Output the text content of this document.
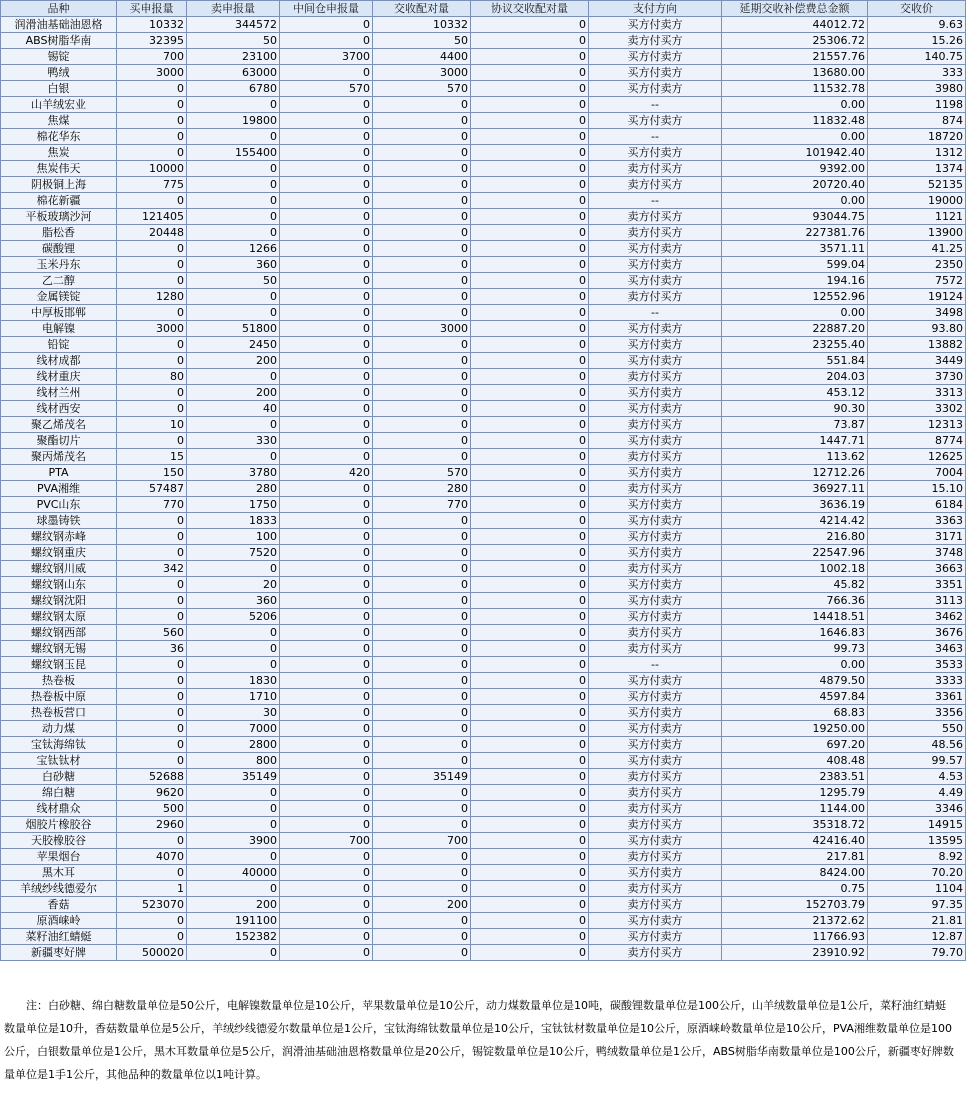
品种	买申报量	卖申报量	中间仓申报量	交收配对量	协议交收配对量	支付方向	延期交收补偿费总金额	交收价
润滑油基础油恩格	10332	344572	0	10332	0	买方付卖方	44012.72	9.63
ABS树脂华南	32395	50	0	50	0	卖方付买方	25306.72	15.26
锡锭	700	23100	3700	4400	0	买方付卖方	21557.76	140.75
鸭绒	3000	63000	0	3000	0	买方付卖方	13680.00	333
白银	0	6780	570	570	0	买方付卖方	11532.78	3980
山羊绒宏业	0	0	0	0	0	--	0.00	1198
焦煤	0	19800	0	0	0	买方付卖方	11832.48	874
棉花华东	0	0	0	0	0	--	0.00	18720
焦炭	0	155400	0	0	0	买方付卖方	101942.40	1312
焦炭伟天	10000	0	0	0	0	卖方付买方	9392.00	1374
阴极铜上海	775	0	0	0	0	卖方付买方	20720.40	52135
棉花新疆	0	0	0	0	0	--	0.00	19000
平板玻璃沙河	121405	0	0	0	0	卖方付买方	93044.75	1121
脂松香	20448	0	0	0	0	卖方付买方	227381.76	13900
碳酸锂	0	1266	0	0	0	买方付卖方	3571.11	41.25
玉米丹东	0	360	0	0	0	买方付卖方	599.04	2350
乙二醇	0	50	0	0	0	买方付卖方	194.16	7572
金属镁锭	1280	0	0	0	0	卖方付买方	12552.96	19124
中厚板邯郸	0	0	0	0	0	--	0.00	3498
电解镍	3000	51800	0	3000	0	买方付卖方	22887.20	93.80
铅锭	0	2450	0	0	0	买方付卖方	23255.40	13882
线材成都	0	200	0	0	0	买方付卖方	551.84	3449
线材重庆	80	0	0	0	0	卖方付买方	204.03	3730
线材兰州	0	200	0	0	0	买方付卖方	453.12	3313
线材西安	0	40	0	0	0	买方付卖方	90.30	3302
聚乙烯茂名	10	0	0	0	0	卖方付买方	73.87	12313
聚酯切片	0	330	0	0	0	买方付卖方	1447.71	8774
聚丙烯茂名	15	0	0	0	0	卖方付买方	113.62	12625
PTA	150	3780	420	570	0	买方付卖方	12712.26	7004
PVA湘维	57487	280	0	280	0	卖方付买方	36927.11	15.10
PVC山东	770	1750	0	770	0	买方付卖方	3636.19	6184
球墨铸铁	0	1833	0	0	0	买方付卖方	4214.42	3363
螺纹钢赤峰	0	100	0	0	0	买方付卖方	216.80	3171
螺纹钢重庆	0	7520	0	0	0	买方付卖方	22547.96	3748
螺纹钢川威	342	0	0	0	0	卖方付买方	1002.18	3663
螺纹钢山东	0	20	0	0	0	买方付卖方	45.82	3351
螺纹钢沈阳	0	360	0	0	0	买方付卖方	766.36	3113
螺纹钢太原	0	5206	0	0	0	买方付卖方	14418.51	3462
螺纹钢西部	560	0	0	0	0	卖方付买方	1646.83	3676
螺纹钢无锡	36	0	0	0	0	卖方付买方	99.73	3463
螺纹钢玉昆	0	0	0	0	0	--	0.00	3533
热卷板	0	1830	0	0	0	买方付卖方	4879.50	3333
热卷板中原	0	1710	0	0	0	买方付卖方	4597.84	3361
热卷板营口	0	30	0	0	0	买方付卖方	68.83	3356
动力煤	0	7000	0	0	0	买方付卖方	19250.00	550
宝钛海绵钛	0	2800	0	0	0	买方付卖方	697.20	48.56
宝钛钛材	0	800	0	0	0	买方付卖方	408.48	99.57
白砂糖	52688	35149	0	35149	0	卖方付买方	2383.51	4.53
绵白糖	9620	0	0	0	0	卖方付买方	1295.79	4.49
线材鼎众	500	0	0	0	0	卖方付买方	1144.00	3346
烟胶片橡胶谷	2960	0	0	0	0	卖方付买方	35318.72	14915
天胶橡胶谷	0	3900	700	700	0	买方付卖方	42416.40	13595
苹果烟台	4070	0	0	0	0	卖方付买方	217.81	8.92
黑木耳	0	40000	0	0	0	买方付卖方	8424.00	70.20
羊绒纱线德爱尔	1	0	0	0	0	卖方付买方	0.75	1104
香菇	523070	200	0	200	0	卖方付买方	152703.79	97.35
原酒崃岭	0	191100	0	0	0	买方付卖方	21372.62	21.81
菜籽油红蜻蜓	0	152382	0	0	0	买方付卖方	11766.93	12.87
新疆枣好牌	500020	0	0	0	0	卖方付买方	23910.92	79.70

注：白砂糖、绵白糖数量单位是50公斤，电解镍数量单位是10公斤，苹果数量单位是10公斤，动力煤数量单位是10吨，碳酸锂数量单位是100公斤，山羊绒数量单位是1公斤，菜籽油红蜻蜓数量单位是10升，香菇数量单位是5公斤，羊绒纱线德爱尔数量单位是1公斤，宝钛海绵钛数量单位是10公斤，宝钛钛材数量单位是10公斤，原酒崃岭数量单位是10公斤，PVA湘维数量单位是100公斤，白银数量单位是1公斤，黑木耳数量单位是5公斤，润滑油基础油恩格数量单位是20公斤，锡锭数量单位是10公斤，鸭绒数量单位是1公斤，ABS树脂华南数量单位是100公斤，新疆枣好牌数量单位是1手1公斤，其他品种的数量单位以1吨计算。
